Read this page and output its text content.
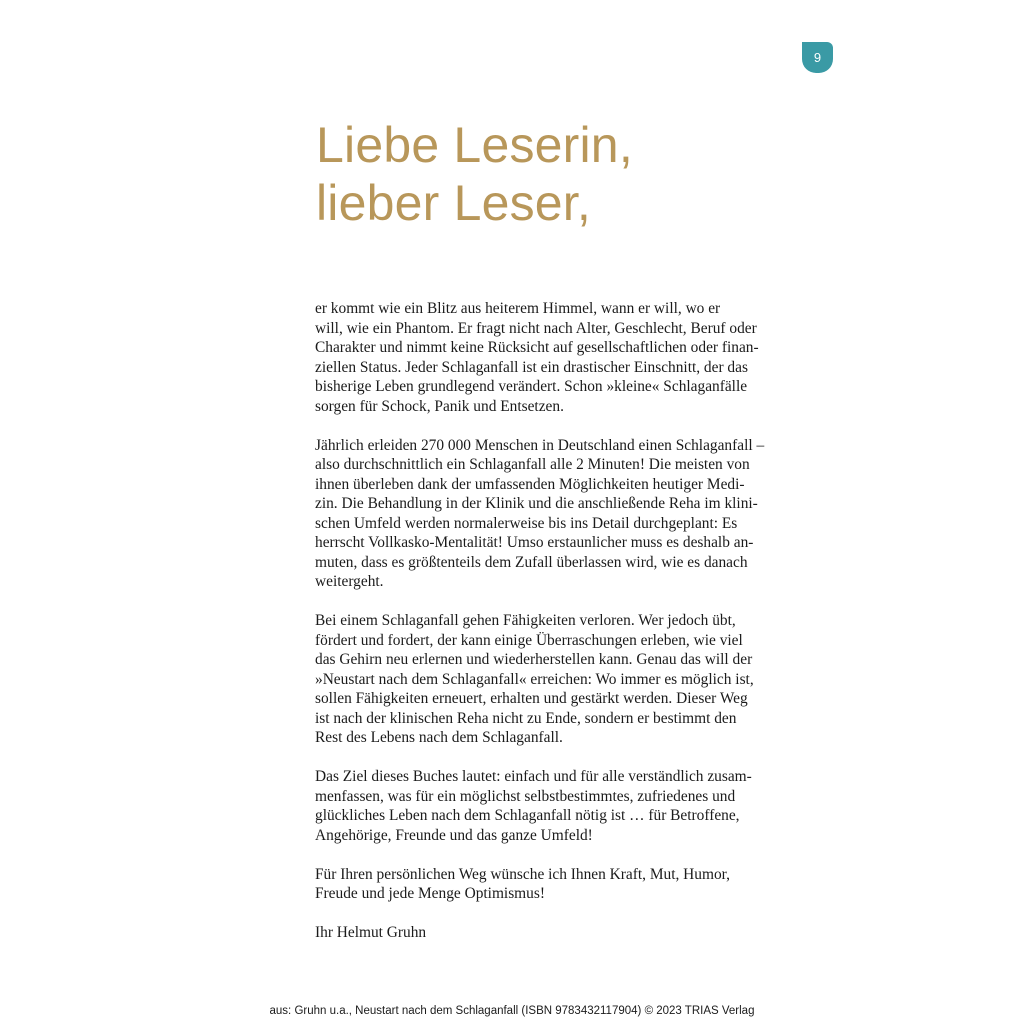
9
Liebe Leserin,
lieber Leser,
er kommt wie ein Blitz aus heiterem Himmel, wann er will, wo er
will, wie ein Phantom. Er fragt nicht nach Alter, Geschlecht, Beruf oder
Charakter und nimmt keine Rücksicht auf gesellschaftlichen oder finan-
ziellen Status. Jeder Schlaganfall ist ein drastischer Einschnitt, der das
bisherige Leben grundlegend verändert. Schon »kleine« Schlaganfälle
sorgen für Schock, Panik und Entsetzen.
Jährlich erleiden 270 000 Menschen in Deutschland einen Schlaganfall –
also durchschnittlich ein Schlaganfall alle 2 Minuten! Die meisten von
ihnen überleben dank der umfassenden Möglichkeiten heutiger Medi-
zin. Die Behandlung in der Klinik und die anschließende Reha im klini-
schen Umfeld werden normalerweise bis ins Detail durchgeplant: Es
herrscht Vollkasko-Mentalität! Umso erstaunlicher muss es deshalb an-
muten, dass es größtenteils dem Zufall überlassen wird, wie es danach
weitergeht.
Bei einem Schlaganfall gehen Fähigkeiten verloren. Wer jedoch übt,
fördert und fordert, der kann einige Überraschungen erleben, wie viel
das Gehirn neu erlernen und wiederherstellen kann. Genau das will der
»Neustart nach dem Schlaganfall« erreichen: Wo immer es möglich ist,
sollen Fähigkeiten erneuert, erhalten und gestärkt werden. Dieser Weg
ist nach der klinischen Reha nicht zu Ende, sondern er bestimmt den
Rest des Lebens nach dem Schlaganfall.
Das Ziel dieses Buches lautet: einfach und für alle verständlich zusam-
menfassen, was für ein möglichst selbstbestimmtes, zufriedenes und
glückliches Leben nach dem Schlaganfall nötig ist … für Betroffene,
Angehörige, Freunde und das ganze Umfeld!
Für Ihren persönlichen Weg wünsche ich Ihnen Kraft, Mut, Humor,
Freude und jede Menge Optimismus!
Ihr Helmut Gruhn
aus: Gruhn u.a., Neustart nach dem Schlaganfall (ISBN 9783432117904) © 2023 TRIAS Verlag
